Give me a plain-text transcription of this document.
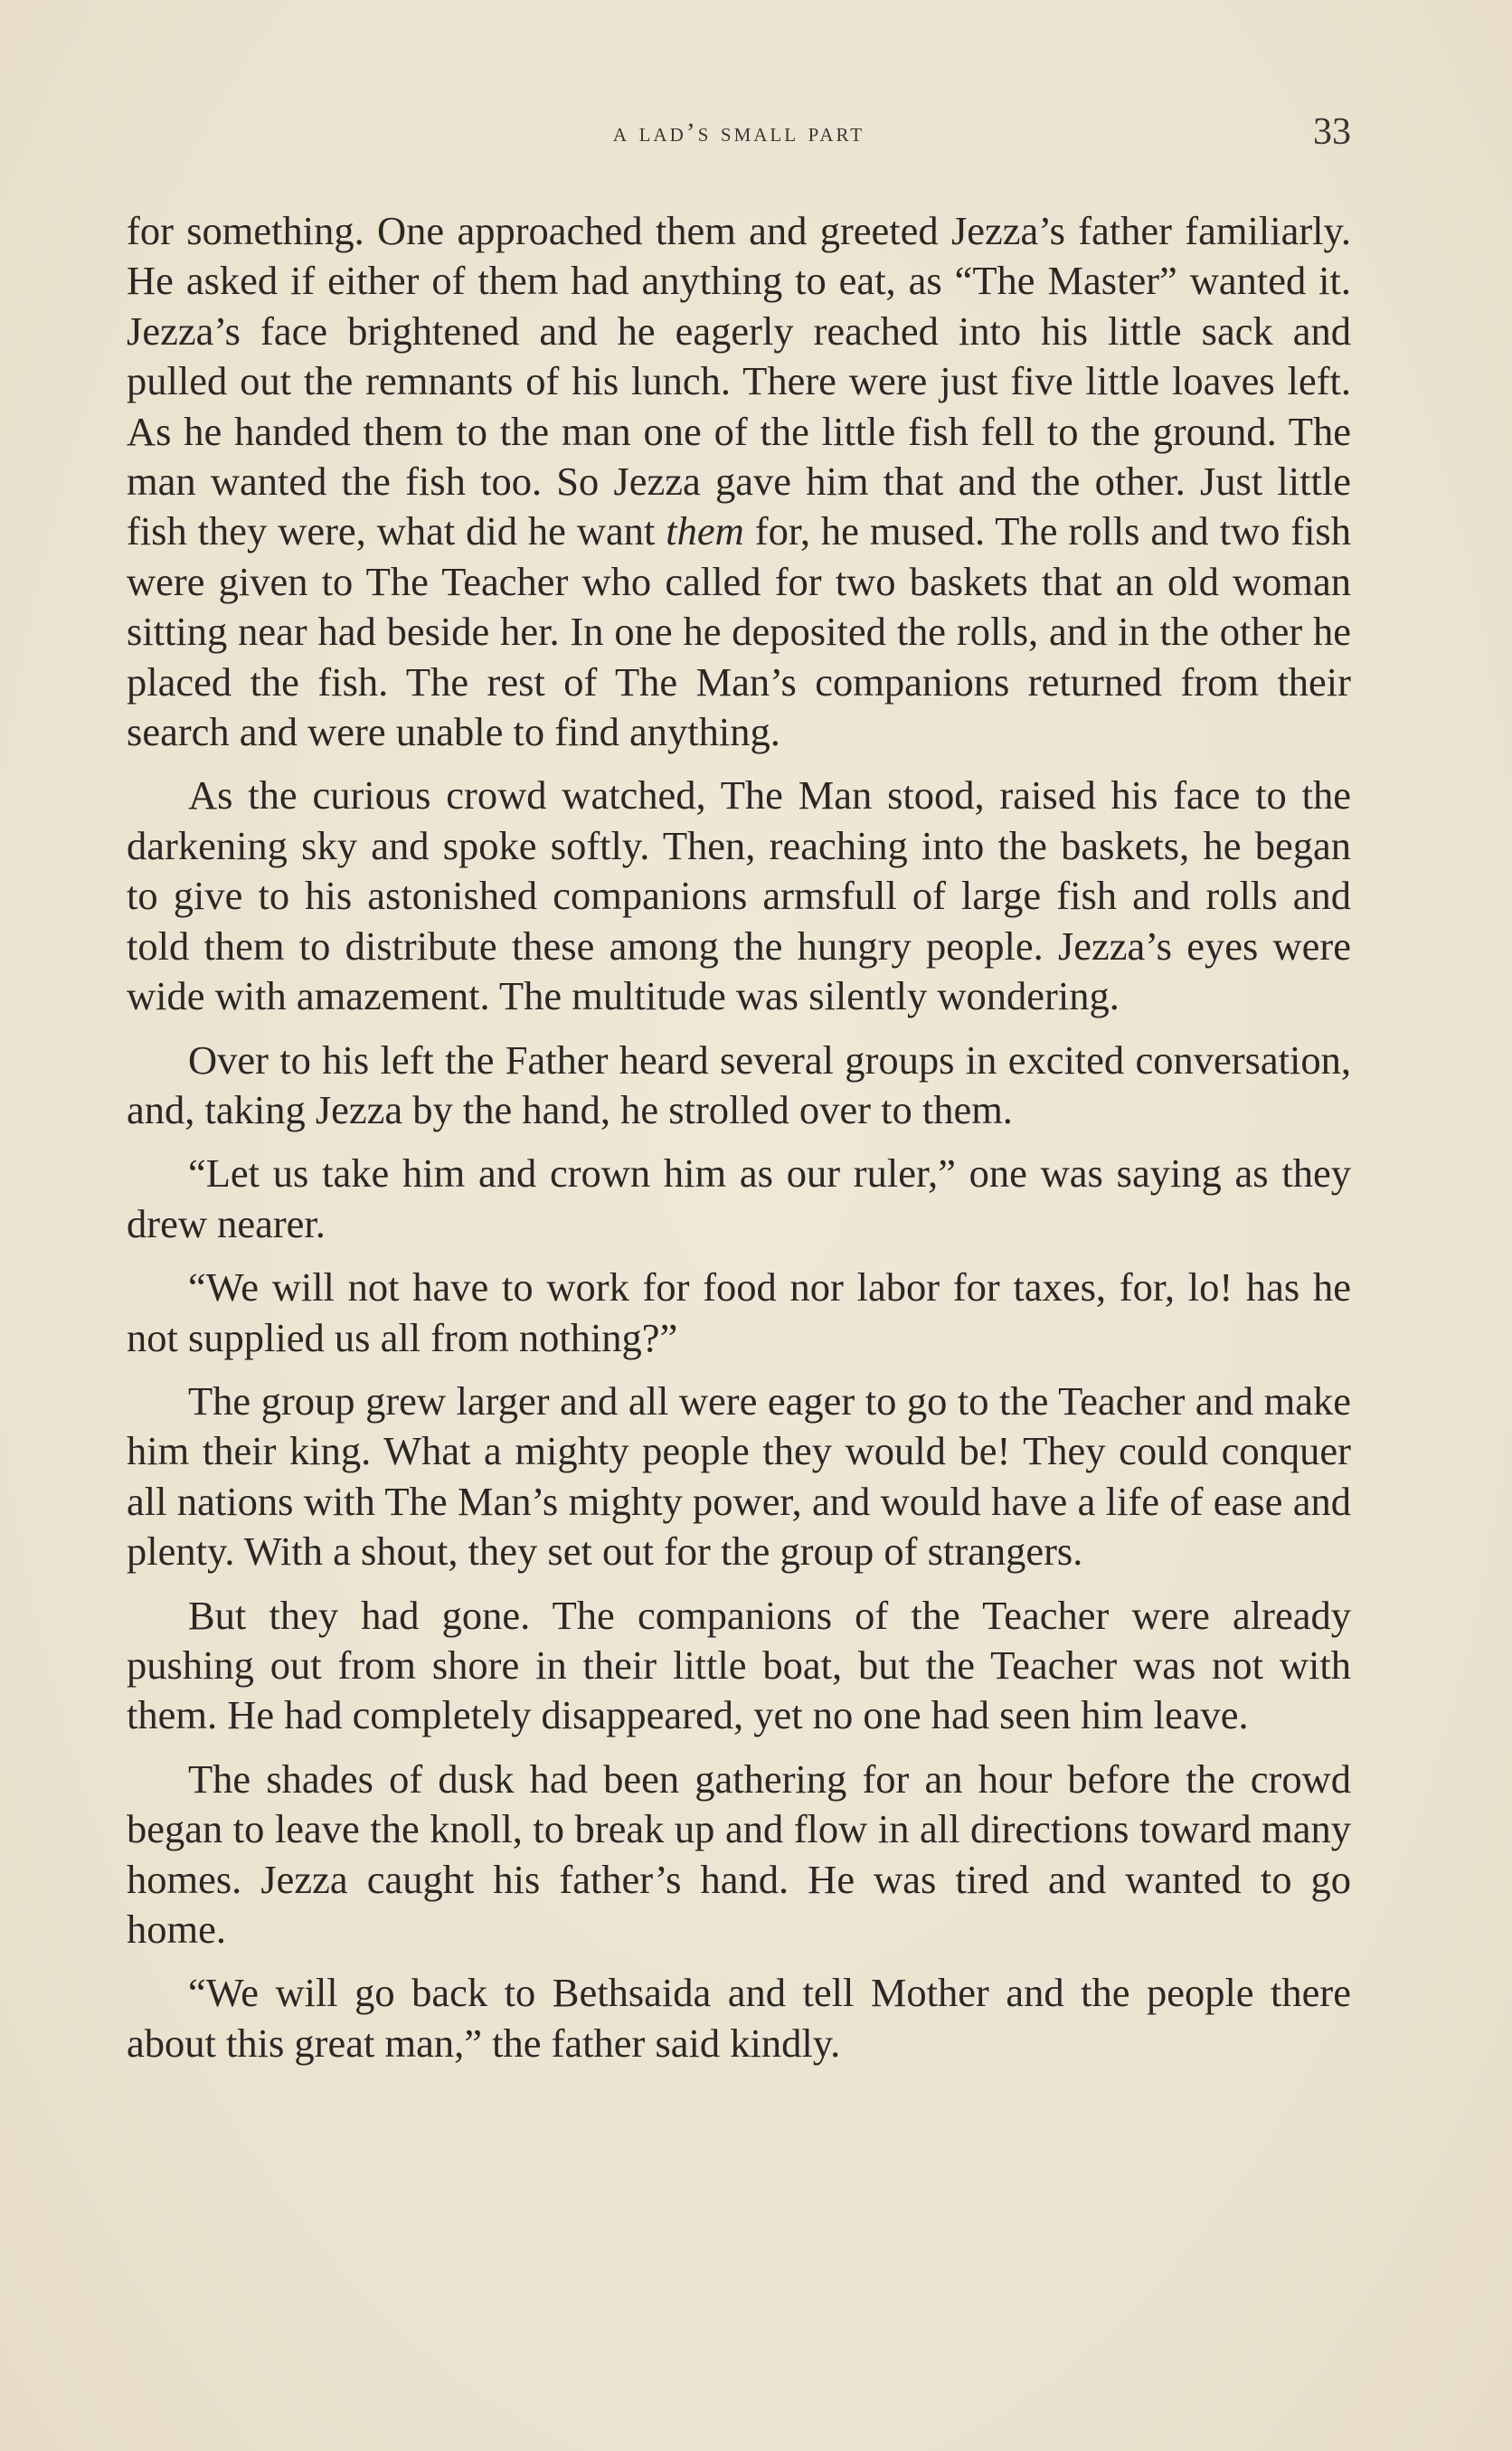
a lad’s small part	33

for something. One approached them and greeted Jezza’s father familiarly. He asked if either of them had anything to eat, as “The Master” wanted it. Jezza’s face brightened and he eagerly reached into his little sack and pulled out the remnants of his lunch. There were just five little loaves left. As he handed them to the man one of the little fish fell to the ground. The man wanted the fish too. So Jezza gave him that and the other. Just little fish they were, what did he want them for, he mused. The rolls and two fish were given to The Teacher who called for two baskets that an old woman sitting near had beside her. In one he deposited the rolls, and in the other he placed the fish. The rest of The Man’s companions returned from their search and were unable to find anything.

As the curious crowd watched, The Man stood, raised his face to the darkening sky and spoke softly. Then, reaching into the baskets, he began to give to his astonished companions armsfull of large fish and rolls and told them to distribute these among the hungry people. Jezza’s eyes were wide with amazement. The multitude was silently wondering.

Over to his left the Father heard several groups in excited conversation, and, taking Jezza by the hand, he strolled over to them.

“Let us take him and crown him as our ruler,” one was saying as they drew nearer.

“We will not have to work for food nor labor for taxes, for, lo! has he not supplied us all from nothing?”

The group grew larger and all were eager to go to the Teacher and make him their king. What a mighty people they would be! They could conquer all nations with The Man’s mighty power, and would have a life of ease and plenty. With a shout, they set out for the group of strangers.

But they had gone. The companions of the Teacher were already pushing out from shore in their little boat, but the Teacher was not with them. He had completely disappeared, yet no one had seen him leave.

The shades of dusk had been gathering for an hour before the crowd began to leave the knoll, to break up and flow in all directions toward many homes. Jezza caught his father’s hand. He was tired and wanted to go home.

“We will go back to Bethsaida and tell Mother and the people there about this great man,” the father said kindly.
